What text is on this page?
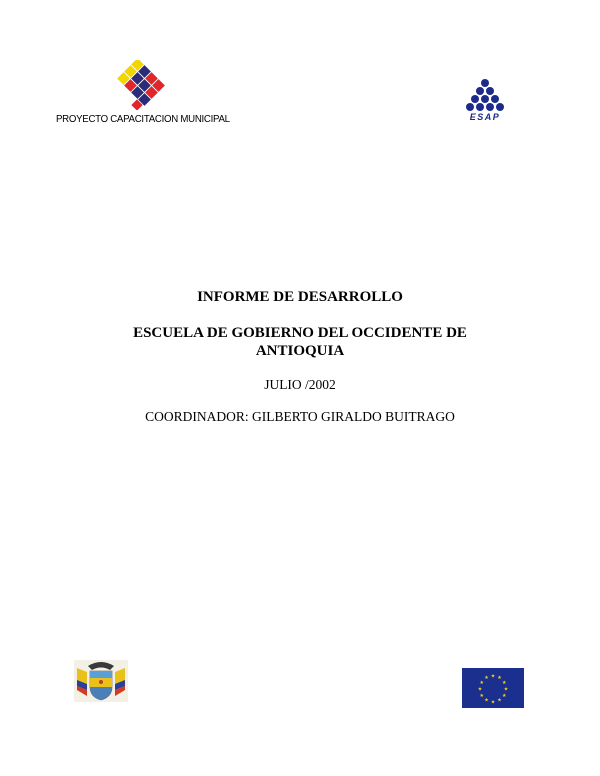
PROYECTO CAPACITACION MUNICIPAL	ESAP
INFORME DE DESARROLLO
ESCUELA DE GOBIERNO DEL OCCIDENTE DE ANTIOQUIA
JULIO /2002
COORDINADOR: GILBERTO GIRALDO BUITRAGO
★ ★
★
★
★
★
★
★
★
★
★
★
